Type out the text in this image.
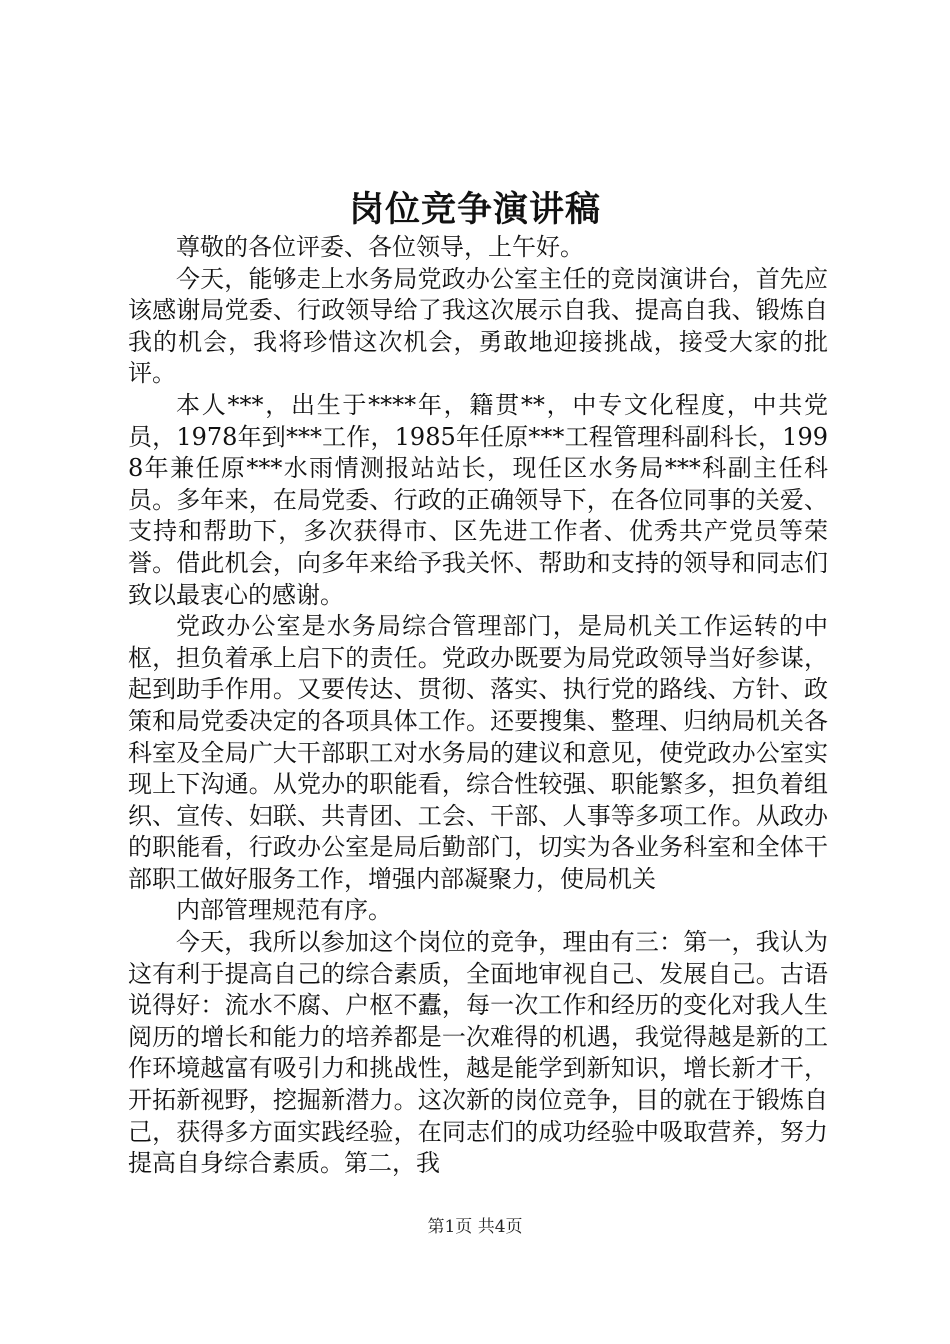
岗位竞争演讲稿

尊敬的各位评委、各位领导，上午好。

今天，能够走上水务局党政办公室主任的竞岗演讲台，首先应该感谢局党委、行政领导给了我这次展示自我、提高自我、锻炼自我的机会，我将珍惜这次机会，勇敢地迎接挑战，接受大家的批评。

本人***，出生于****年，籍贯**，中专文化程度，中共党员，1978年到***工作，1985年任原***工程管理科副科长，1998年兼任原***水雨情测报站站长，现任区水务局***科副主任科员。多年来，在局党委、行政的正确领导下，在各位同事的关爱、支持和帮助下，多次获得市、区先进工作者、优秀共产党员等荣誉。借此机会，向多年来给予我关怀、帮助和支持的领导和同志们致以最衷心的感谢。

党政办公室是水务局综合管理部门，是局机关工作运转的中枢，担负着承上启下的责任。党政办既要为局党政领导当好参谋，起到助手作用。又要传达、贯彻、落实、执行党的路线、方针、政策和局党委决定的各项具体工作。还要搜集、整理、归纳局机关各科室及全局广大干部职工对水务局的建议和意见，使党政办公室实现上下沟通。从党办的职能看，综合性较强、职能繁多，担负着组织、宣传、妇联、共青团、工会、干部、人事等多项工作。从政办的职能看，行政办公室是局后勤部门，切实为各业务科室和全体干部职工做好服务工作，增强内部凝聚力，使局机关

内部管理规范有序。

今天，我所以参加这个岗位的竞争，理由有三：第一，我认为这有利于提高自己的综合素质，全面地审视自己、发展自己。古语说得好：流水不腐、户枢不蠹，每一次工作和经历的变化对我人生阅历的增长和能力的培养都是一次难得的机遇，我觉得越是新的工作环境越富有吸引力和挑战性，越是能学到新知识，增长新才干，开拓新视野，挖掘新潜力。这次新的岗位竞争，目的就在于锻炼自己，获得多方面实践经验，在同志们的成功经验中吸取营养，努力提高自身综合素质。第二，我

第1页 共4页
